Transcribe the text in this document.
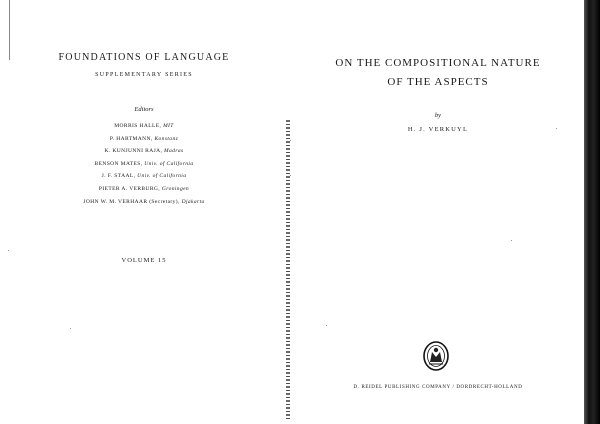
FOUNDATIONS OF LANGUAGE
SUPPLEMENTARY SERIES
Editors
MORRIS HALLE, MIT
P. HARTMANN, Konstanz
K. KUNJUNNI RAJA, Madras
BENSON MATES, Univ. of California
J. F. STAAL, Univ. of California
PIETER A. VERBURG, Groningen
JOHN W. M. VERHAAR (Secretary), Djakarta
VOLUME 15
ON THE COMPOSITIONAL NATURE
OF THE ASPECTS
by
H. J. VERKUYL
D. REIDEL PUBLISHING COMPANY / DORDRECHT-HOLLAND
